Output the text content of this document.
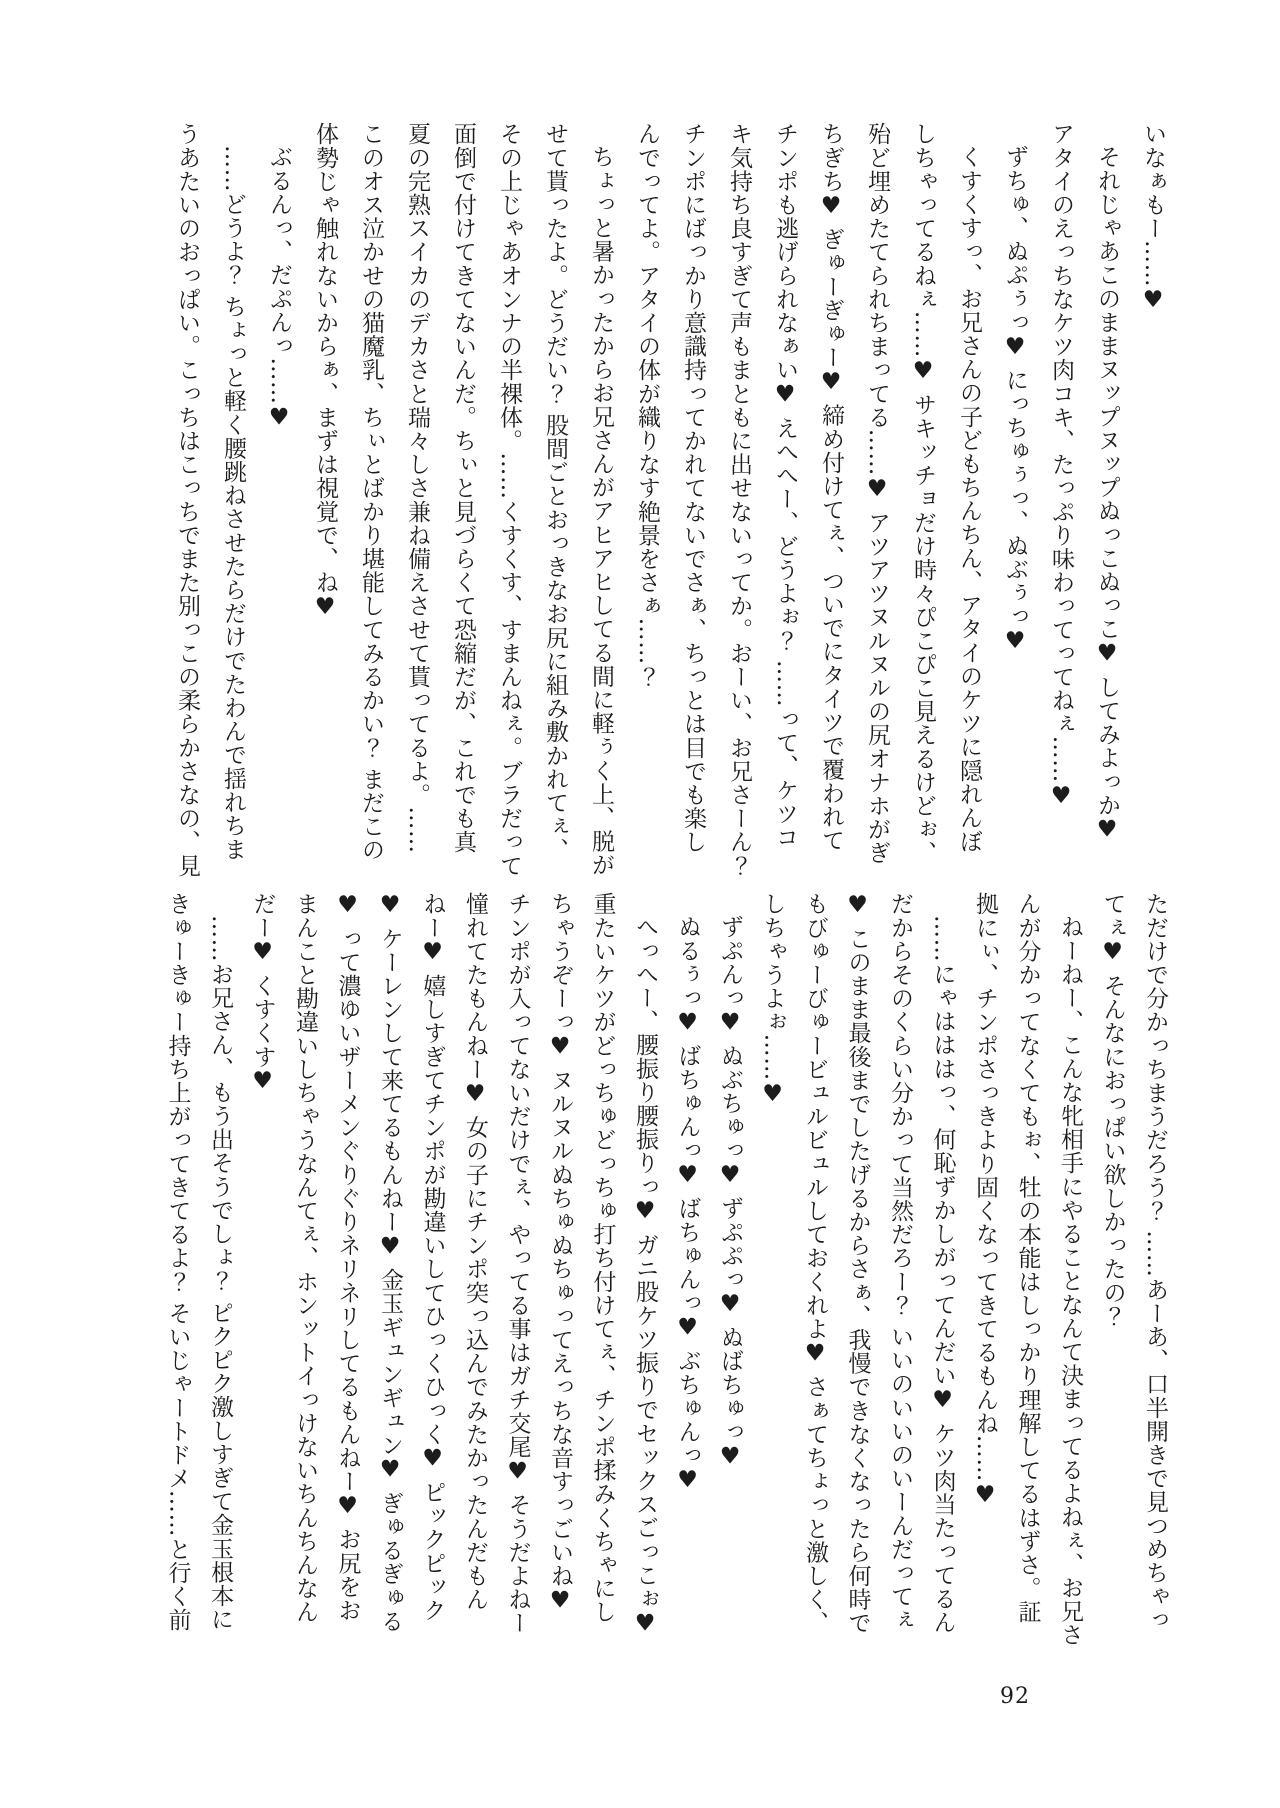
いなぁもー……♥

それじゃあこのままヌップヌップぬっこぬっこ♥ してみよっか♥

アタイのえっちなケツ肉コキ、たっぷり味わってってねぇ……♥

ずちゅ、ぬぷぅっ♥ にっちゅぅっ、ぬぶぅっ♥

くすくすっ、お兄さんの子どもちんちん、アタイのケツに隠れんぼ

しちゃってるねぇ……♥ サキッチョだけ時々ぴこぴこ見えるけどぉ、

殆ど埋めたてられちまってる……♥ アツアツヌルヌルの尻オナホがぎ

ちぎち♥ ぎゅーぎゅー♥ 締め付けてぇ、ついでにタイツで覆われて

チンポも逃げられなぁい♥ えへへー、どうよぉ？ ……って、ケツコ

キ気持ち良すぎて声もまともに出せないってか。おーい、お兄さーん？

チンポにばっかり意識持ってかれてないでさぁ、ちっとは目でも楽し

んでってよ。アタイの体が織りなす絶景をさぁ……？

ちょっと暑かったからお兄さんがアヒアヒしてる間に軽ぅく上、脱が

せて貰ったよ。どうだい？ 股間ごとおっきなお尻に組み敷かれてぇ、

その上じゃあオンナの半裸体。……くすくす、すまんねぇ。ブラだって

面倒で付けてきてないんだ。ちぃと見づらくて恐縮だが、これでも真

夏の完熟スイカのデカさと瑞々しさ兼ね備えさせて貰ってるよ。……

このオス泣かせの猫魔乳、ちぃとばかり堪能してみるかい？ まだこの

体勢じゃ触れないからぁ、まずは視覚で、ね♥

ぶるんっ、だぷんっ……♥

……どうよ？ ちょっと軽く腰跳ねさせたらだけでたわんで揺れちま

うあたいのおっぱい。こっちはこっちでまた別っこの柔らかさなの、見

ただけで分かっちまうだろう？ ……あーあ、口半開きで見つめちゃっ

てぇ♥ そんなにおっぱい欲しかったの？

ねーねー、こんな牝相手にやることなんて決まってるよねぇ、お兄さ

んが分かってなくてもぉ、牡の本能はしっかり理解してるはずさ。証

拠にぃ、チンポさっきより固くなってきてるもんね……♥

……にゃはははっ、何恥ずかしがってんだい♥ ケツ肉当たってるん

だからそのくらい分かって当然だろー？ いいのいいのいーんだってぇ

♥ このまま最後までしたげるからさぁ、我慢できなくなったら何時で

もびゅーびゅービュルビュルしておくれよ♥ さぁてちょっと激しく、

しちゃうよぉ……♥

ずぷんっ♥ ぬぶちゅっ♥ ずぷぷっ♥ ぬばちゅっ♥

ぬるぅっ♥ ばちゅんっ♥ ばちゅんっ♥ ぶちゅんっ♥

へっへー、腰振り腰振りっ♥ ガニ股ケツ振りでセックスごっこぉ♥

重たいケツがどっちゅどっちゅ打ち付けてぇ、チンポ揉みくちゃにし

ちゃうぞーっ♥ ヌルヌルぬちゅぬちゅってえっちな音すっごいね♥

チンポが入ってないだけでぇ、やってる事はガチ交尾♥ そうだよねー

憧れてたもんねー♥ 女の子にチンポ突っ込んでみたかったんだもん

ねー♥ 嬉しすぎてチンポが勘違いしてひっくひっく♥ ピックピック

♥ ケーレンして来てるもんねー♥ 金玉ギュンギュン♥ ぎゅるぎゅる

♥ って濃ゆいザーメンぐりぐりネリネリしてるもんねー♥ お尻をお

まんこと勘違いしちゃうなんてぇ、ホンットイっけないちんちんなん

だー♥ くすくす♥

……お兄さん、もう出そうでしょ？ ピクピク激しすぎて金玉根本に

きゅーきゅー持ち上がってきてるよ？ そいじゃートドメ……と行く前

92
